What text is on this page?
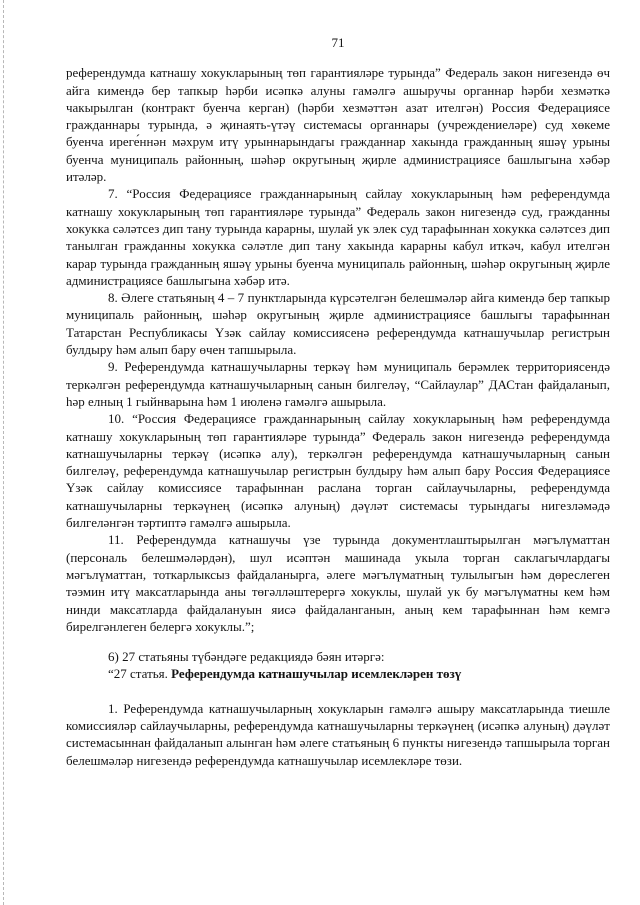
71

референдумда катнашу хокукларының төп гарантияләре турында” Федераль закон нигезендә өч айга кимендә бер тапкыр һәрби исәпкә алуны гамәлгә ашыручы органнар һәрби хезмәткә чакырылган (контракт буенча керган) (һәрби хезмәттән азат ителгән) Россия Федерациясе гражданнары турында, ә җинаять-үтәү системасы органнары (учреждениеләре) суд хөкеме буенча иреге́ннән мәхрум итү урыннарындагы гражданнар хакында гражданның яшәү урыны буенча муниципаль районның, шәһәр округының җирле администрациясе башлыгына хәбәр итәләр.

7. “Россия Федерациясе гражданнарының сайлау хокукларының һәм референдумда катнашу хокукларының төп гарантияләре турында” Федераль закон нигезендә суд, гражданны хокукка сәләтсез дип тану турында карарны, шулай ук элек суд тарафыннан хокукка сәләтсез дип танылган гражданны хокукка сәләтле дип тану хакында карарны кабул иткәч, кабул ителгән карар турында гражданның яшәү урыны буенча муниципаль районның, шәһәр округының җирле администрациясе башлыгына хәбәр итә.

8. Әлеге статьяның 4 – 7 пунктларында күрсәтелгән белешмәләр айга кимендә бер тапкыр муниципаль районның, шәһәр округының җирле администрациясе башлыгы тарафыннан Татарстан Республикасы Үзәк сайлау комиссиясенә референдумда катнашучылар регистрын булдыру һәм алып бару өчен тапшырыла.

9. Референдумда катнашучыларны теркәү һәм муниципаль берәмлек территориясендә теркәлгән референдумда катнашучыларның санын билгеләү, “Сайлаулар” ДАСтан файдаланып, һәр елның 1 гыйнварына һәм 1 июленә гамәлгә ашырыла.

10. “Россия Федерациясе гражданнарының сайлау хокукларының һәм референдумда катнашу хокукларының төп гарантияләре турында” Федераль закон нигезендә референдумда катнашучыларны теркәү (исәпкә алу), теркәлгән референдумда катнашучыларның санын билгеләү, референдумда катнашучылар регистрын булдыру һәм алып бару Россия Федерациясе Үзәк сайлау комиссиясе тарафыннан раслана торган сайлаучыларны, референдумда катнашучыларны теркәүнең (исәпкә алуның) дәүләт системасы турындагы нигезләмәдә билгеләнгән тәртиптә гамәлгә ашырыла.

11. Референдумда катнашучы үзе турында документлаштырылган мәгълүматтан (персональ белешмәләрдән), шул исәптән машинада укыла торган саклагычлардагы мәгълүматтан, тоткарлыксыз файдаланырга, әлеге мәгълүматның тулылыгын һәм дөреслеген тәэмин итү максатларында аны төгәлләштерергә хокуклы, шулай ук бу мәгълүматны кем һәм нинди максатларда файдалануын яисә файдаланганын, аның кем тарафыннан һәм кемгә бирелгәнлеген белергә хокуклы.”;

6) 27 статьяны түбәндәге редакциядә бәян итәргә:

“27 статья. Референдумда катнашучылар исемлекләрен төзү

1. Референдумда катнашучыларның хокукларын гамәлгә ашыру максатларында тиешле комиссияләр сайлаучыларны, референдумда катнашучыларны теркәүнең (исәпкә алуның) дәүләт системасыннан файдаланып алынган һәм әлеге статьяның 6 пункты нигезендә тапшырыла торган белешмәләр нигезендә референдумда катнашучылар исемлекләре төзи.
